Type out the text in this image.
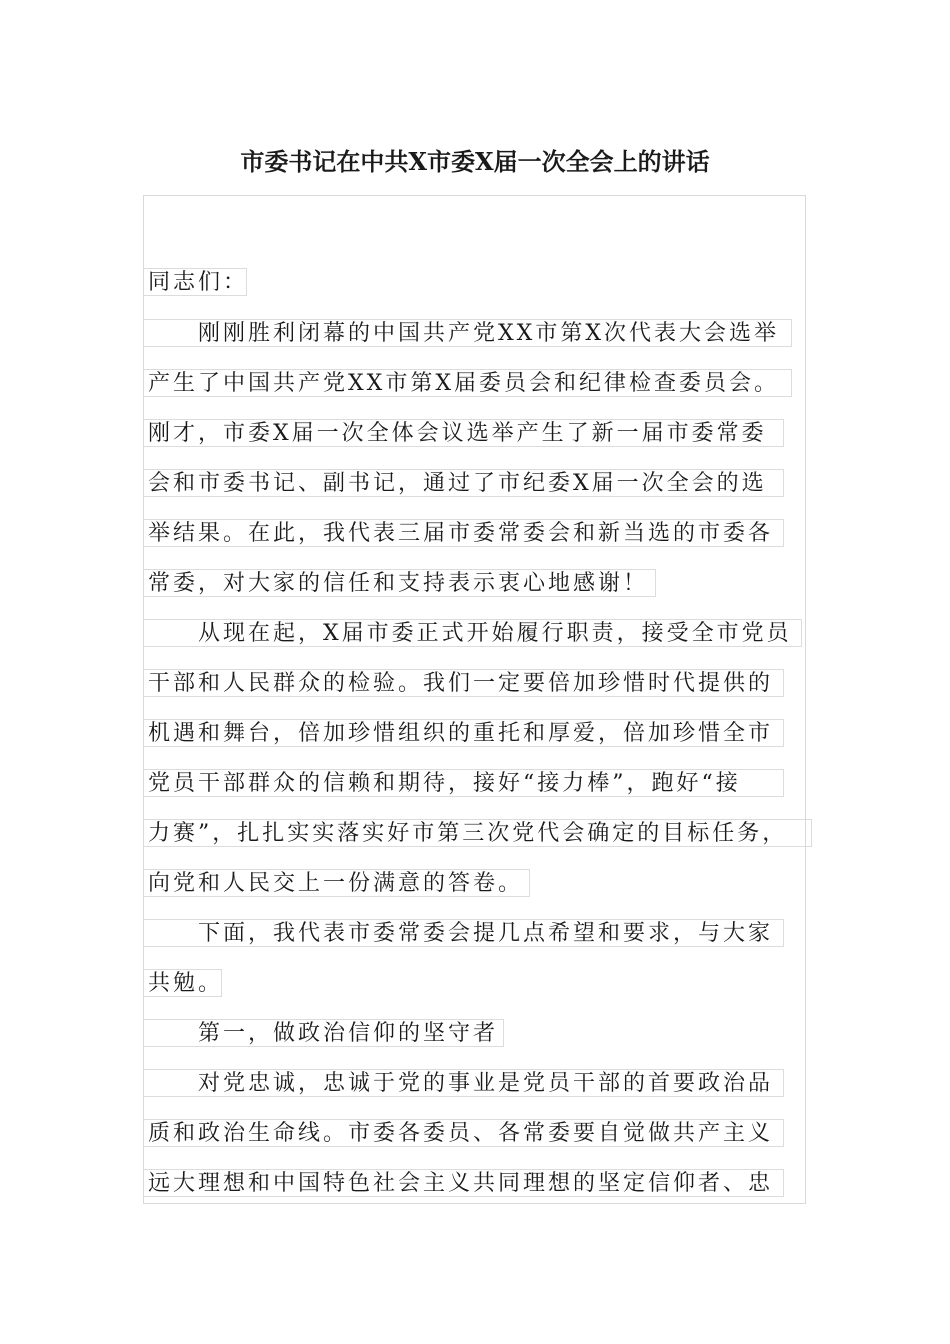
市委书记在中共X市委X届一次全会上的讲话
同志们：
刚刚胜利闭幕的中国共产党XX市第X次代表大会选举
产生了中国共产党XX市第X届委员会和纪律检查委员会。
刚才，市委X届一次全体会议选举产生了新一届市委常委
会和市委书记、副书记，通过了市纪委X届一次全会的选
举结果。在此，我代表三届市委常委会和新当选的市委各
常委，对大家的信任和支持表示衷心地感谢！
从现在起，X届市委正式开始履行职责，接受全市党员
干部和人民群众的检验。我们一定要倍加珍惜时代提供的
机遇和舞台，倍加珍惜组织的重托和厚爱，倍加珍惜全市
党员干部群众的信赖和期待，接好“接力棒”，跑好“接
力赛”，扎扎实实落实好市第三次党代会确定的目标任务，
向党和人民交上一份满意的答卷。
下面，我代表市委常委会提几点希望和要求，与大家
共勉。
第一，做政治信仰的坚守者
对党忠诚，忠诚于党的事业是党员干部的首要政治品
质和政治生命线。市委各委员、各常委要自觉做共产主义
远大理想和中国特色社会主义共同理想的坚定信仰者、忠
